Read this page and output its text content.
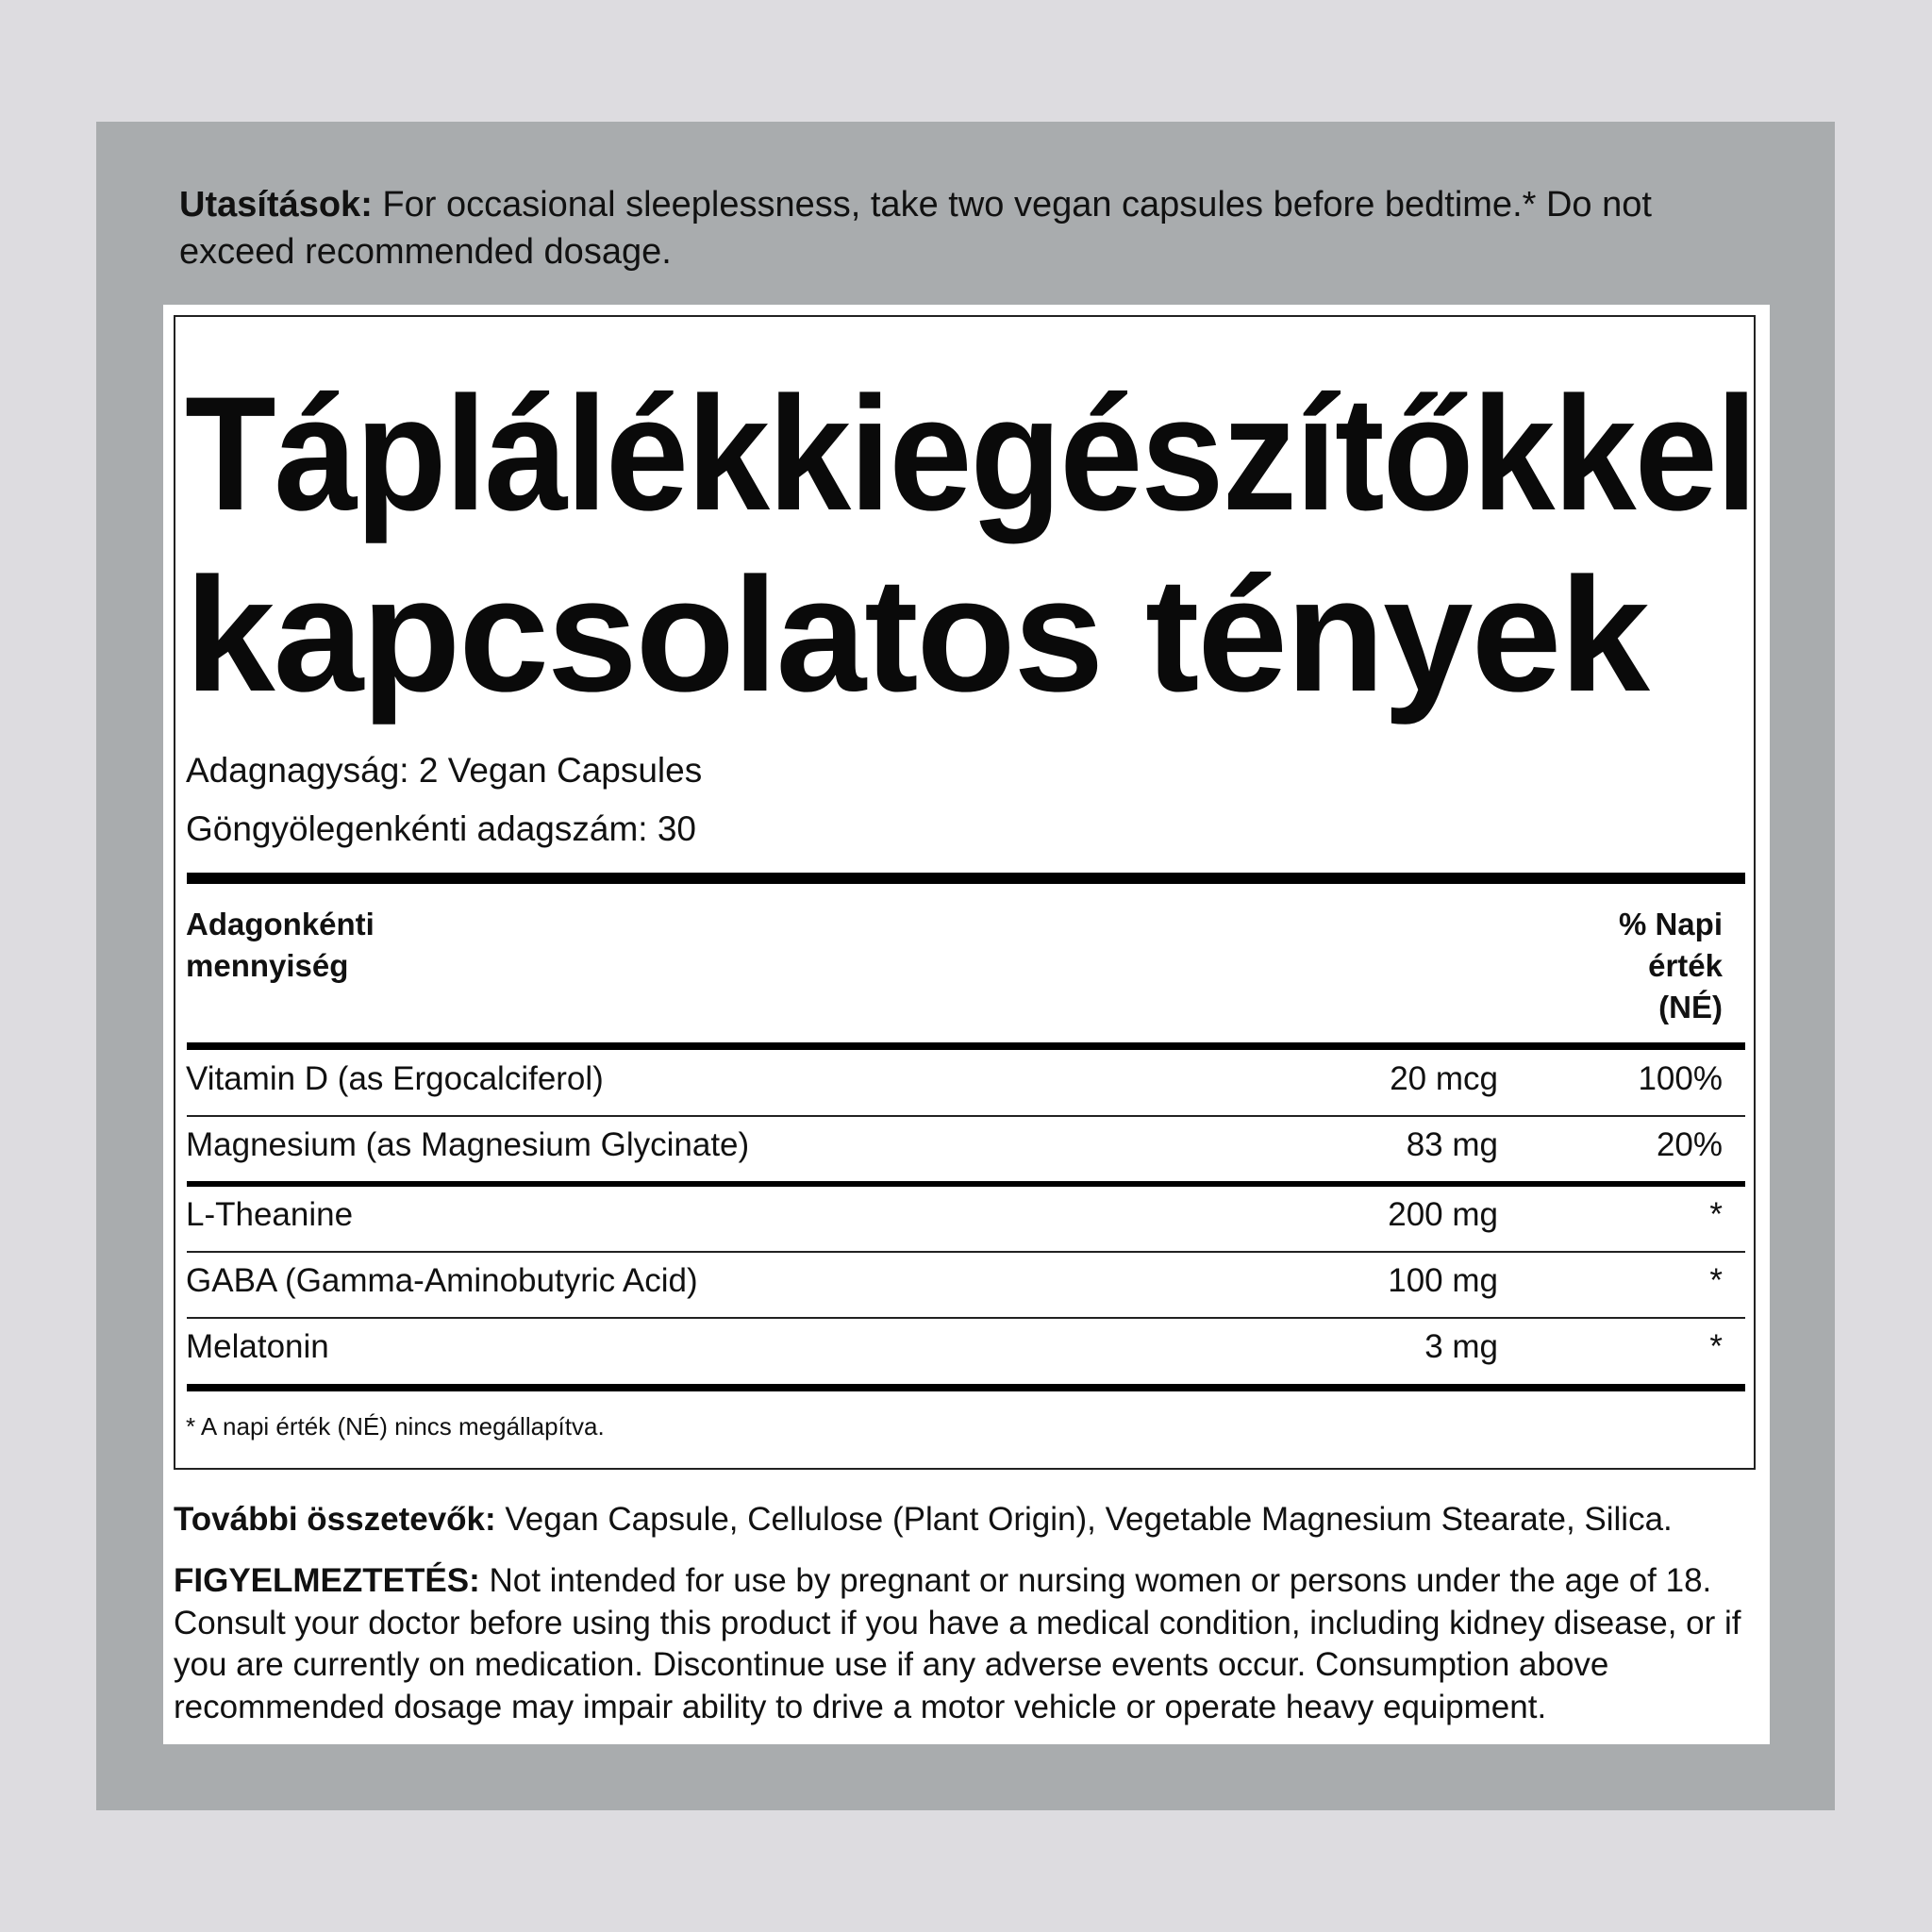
Utasítások: For occasional sleeplessness, take two vegan capsules before bedtime.* Do not exceed recommended dosage.
Táplálékkiegészítőkkel
kapcsolatos tények
Adagnagyság: 2 Vegan Capsules
Göngyölegenkénti adagszám: 30
Adagonkénti
mennyiség
% Napi
érték
(NÉ)
Vitamin D (as Ergocalciferol)	20 mcg	100%
Magnesium (as Magnesium Glycinate)	83 mg	20%
L-Theanine	200 mg	*
GABA (Gamma-Aminobutyric Acid)	100 mg	*
Melatonin	3 mg	*
* A napi érték (NÉ) nincs megállapítva.
További összetevők: Vegan Capsule, Cellulose (Plant Origin), Vegetable Magnesium Stearate, Silica.
FIGYELMEZTETÉS: Not intended for use by pregnant or nursing women or persons under the age of 18. Consult your doctor before using this product if you have a medical condition, including kidney disease, or if you are currently on medication. Discontinue use if any adverse events occur. Consumption above recommended dosage may impair ability to drive a motor vehicle or operate heavy equipment.
